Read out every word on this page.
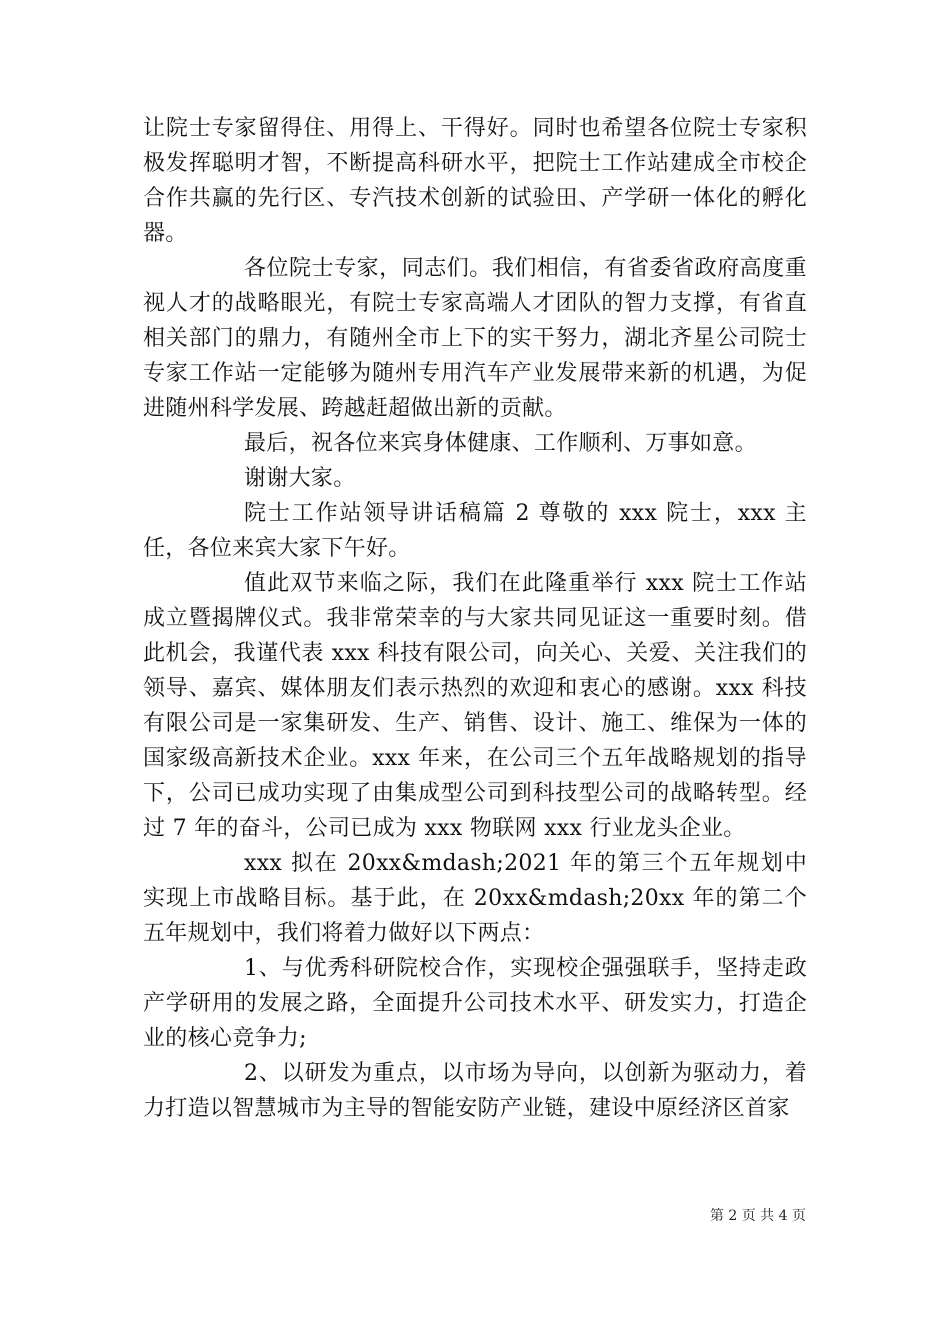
让院士专家留得住、用得上、干得好。同时也希望各位院士专家积极发挥聪明才智，不断提高科研水平，把院士工作站建成全市校企合作共赢的先行区、专汽技术创新的试验田、产学研一体化的孵化器。

各位院士专家，同志们。我们相信，有省委省政府高度重视人才的战略眼光，有院士专家高端人才团队的智力支撑，有省直相关部门的鼎力，有随州全市上下的实干努力，湖北齐星公司院士专家工作站一定能够为随州专用汽车产业发展带来新的机遇，为促进随州科学发展、跨越赶超做出新的贡献。

最后，祝各位来宾身体健康、工作顺利、万事如意。

谢谢大家。

院士工作站领导讲话稿篇 2 尊敬的 xxx 院士，xxx 主任，各位来宾大家下午好。

值此双节来临之际，我们在此隆重举行 xxx 院士工作站成立暨揭牌仪式。我非常荣幸的与大家共同见证这一重要时刻。借此机会，我谨代表 xxx 科技有限公司，向关心、关爱、关注我们的领导、嘉宾、媒体朋友们表示热烈的欢迎和衷心的感谢。xxx 科技有限公司是一家集研发、生产、销售、设计、施工、维保为一体的国家级高新技术企业。xxx 年来，在公司三个五年战略规划的指导下，公司已成功实现了由集成型公司到科技型公司的战略转型。经过 7 年的奋斗，公司已成为 xxx 物联网 xxx 行业龙头企业。

xxx 拟在 20xx&mdash;2021 年的第三个五年规划中实现上市战略目标。基于此，在 20xx&mdash;20xx 年的第二个五年规划中，我们将着力做好以下两点：

1、与优秀科研院校合作，实现校企强强联手，坚持走政产学研用的发展之路，全面提升公司技术水平、研发实力，打造企业的核心竞争力;

2、以研发为重点，以市场为导向，以创新为驱动力，着力打造以智慧城市为主导的智能安防产业链，建设中原经济区首家

第 2 页 共 4 页
